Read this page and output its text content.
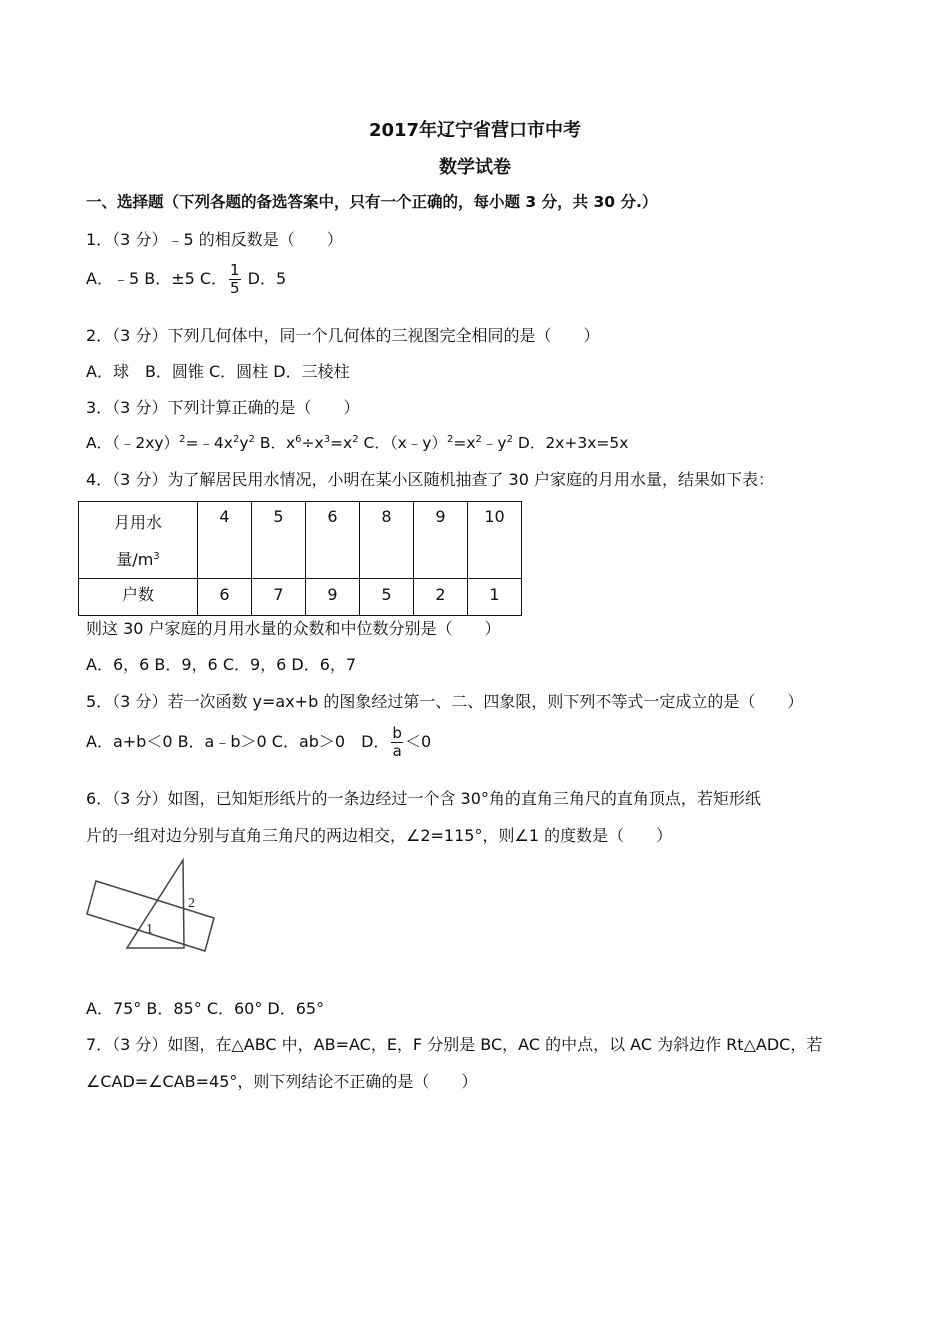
2017年辽宁省营口市中考
数学试卷
一、选择题（下列各题的备选答案中，只有一个正确的，每小题 3 分，共 30 分.）
1．（3 分）﹣5 的相反数是（　　）
A．﹣5 B．±5 C． $\frac{1}{5}$ D．5
2．（3 分）下列几何体中，同一个几何体的三视图完全相同的是（　　）
A．球　B．圆锥 C．圆柱 D．三棱柱
3．（3 分）下列计算正确的是（　　）
A．$(﹣2xy)^2=﹣4x^2y^2$ B．$x^6\div x^3=x^2$ C．$(x﹣y)^2=x^2﹣y^2$ D．2x+3x=5x
4．（3 分）为了解居民用水情况，小明在某小区随机抽查了 30 户家庭的月用水量，结果如下表：
月用水
量$/m^3$	4	5	6	8	9	10
户数	6	7	9	5	2	1
则这 30 户家庭的月用水量的众数和中位数分别是（　　）
A．6，6 B．9，6 C．9，6 D．6，7
5．（3 分）若一次函数 y=ax+b 的图象经过第一、二、四象限，则下列不等式一定成立的是（　　）
A．a+b＜0 B．a﹣b＞0 C．ab＞0　D． $\frac{b}{a} <0$
6．（3 分）如图，已知矩形纸片的一条边经过一个含 30°角的直角三角尺的直角顶点，若矩形纸
片的一组对边分别与直角三角尺的两边相交，∠2=115°，则∠1 的度数是（　　）
1
2
A．75° B．85° C．60° D．65°
7．（3 分）如图，在△ABC 中，AB=AC，E，F 分别是 BC，AC 的中点，以 AC 为斜边作 Rt△ADC，若
∠CAD=∠CAB=45°，则下列结论不正确的是（　　）
